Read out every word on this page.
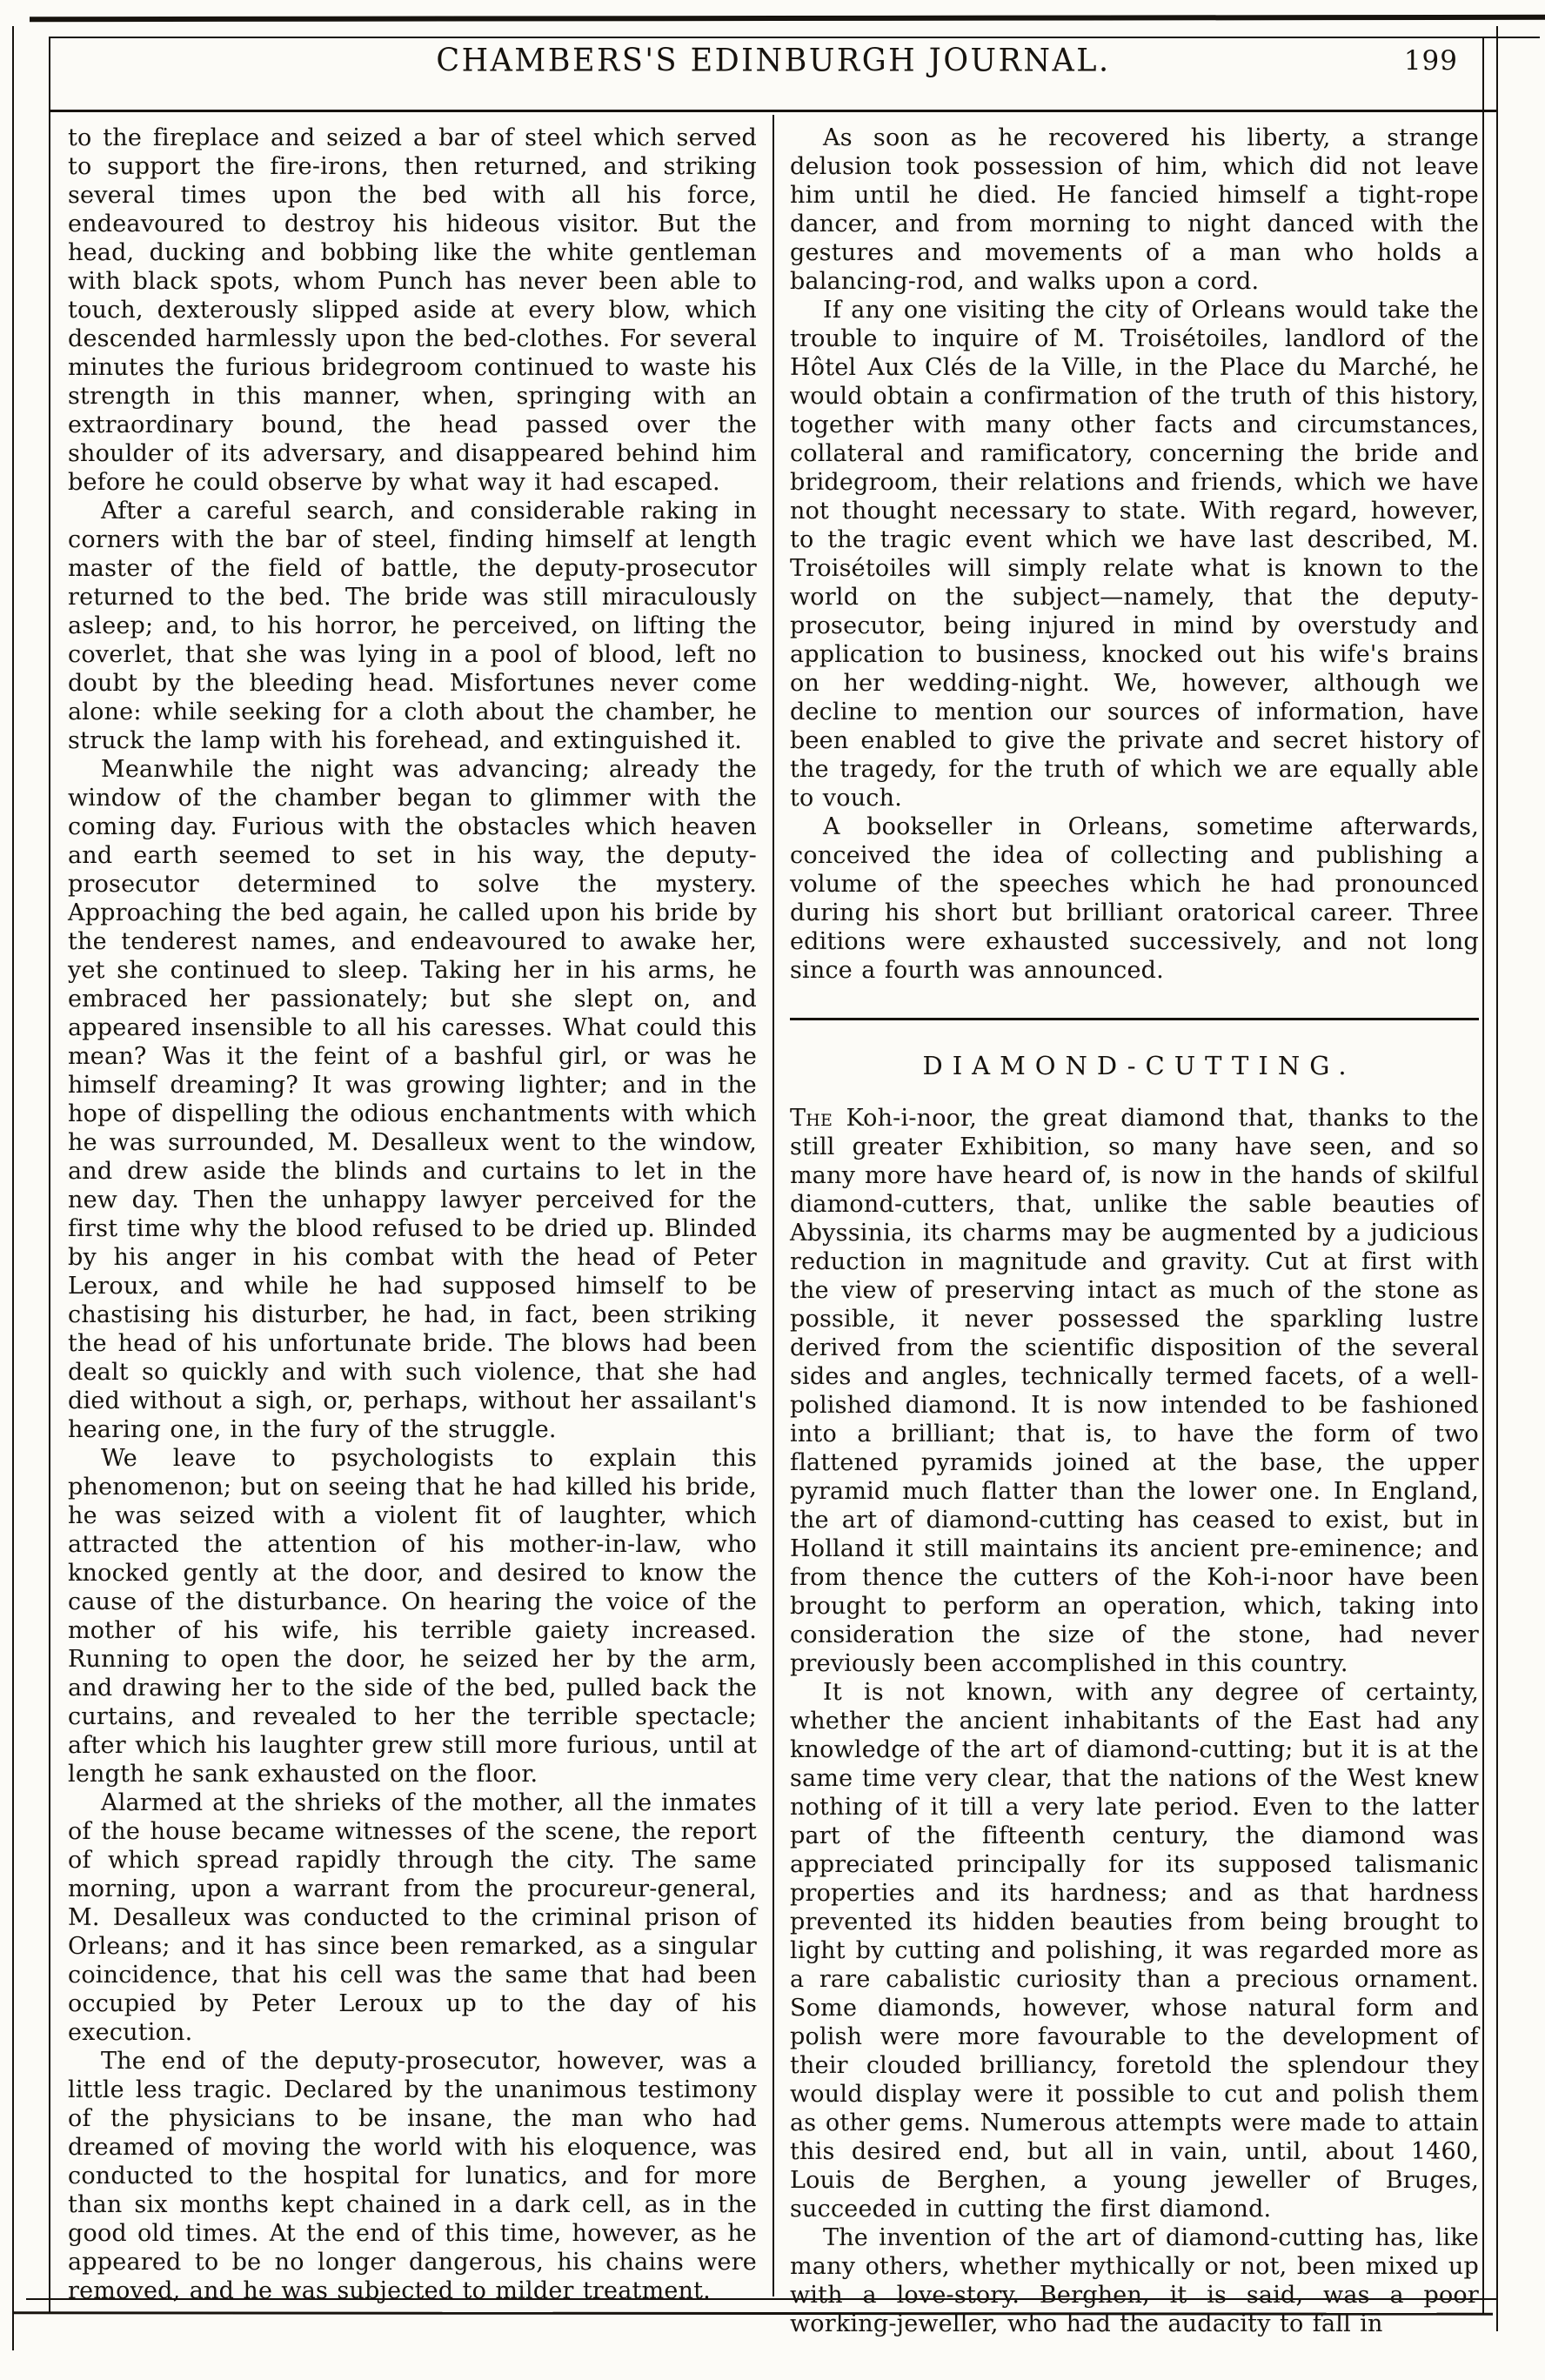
CHAMBERS'S EDINBURGH JOURNAL.	199

to the fireplace and seized a bar of steel which served to support the fire-irons, then returned, and striking several times upon the bed with all his force, endeavoured to destroy his hideous visitor. But the head, ducking and bobbing like the white gentleman with black spots, whom Punch has never been able to touch, dexterously slipped aside at every blow, which descended harmlessly upon the bed-clothes. For several minutes the furious bridegroom continued to waste his strength in this manner, when, springing with an extraordinary bound, the head passed over the shoulder of its adversary, and disappeared behind him before he could observe by what way it had escaped.

After a careful search, and considerable raking in corners with the bar of steel, finding himself at length master of the field of battle, the deputy-prosecutor returned to the bed. The bride was still miraculously asleep; and, to his horror, he perceived, on lifting the coverlet, that she was lying in a pool of blood, left no doubt by the bleeding head. Misfortunes never come alone: while seeking for a cloth about the chamber, he struck the lamp with his forehead, and extinguished it.

Meanwhile the night was advancing; already the window of the chamber began to glimmer with the coming day. Furious with the obstacles which heaven and earth seemed to set in his way, the deputy-prosecutor determined to solve the mystery. Approaching the bed again, he called upon his bride by the tenderest names, and endeavoured to awake her, yet she continued to sleep. Taking her in his arms, he embraced her passionately; but she slept on, and appeared insensible to all his caresses. What could this mean? Was it the feint of a bashful girl, or was he himself dreaming? It was growing lighter; and in the hope of dispelling the odious enchantments with which he was surrounded, M. Desalleux went to the window, and drew aside the blinds and curtains to let in the new day. Then the unhappy lawyer perceived for the first time why the blood refused to be dried up. Blinded by his anger in his combat with the head of Peter Leroux, and while he had supposed himself to be chastising his disturber, he had, in fact, been striking the head of his unfortunate bride. The blows had been dealt so quickly and with such violence, that she had died without a sigh, or, perhaps, without her assailant's hearing one, in the fury of the struggle.

We leave to psychologists to explain this phenomenon; but on seeing that he had killed his bride, he was seized with a violent fit of laughter, which attracted the attention of his mother-in-law, who knocked gently at the door, and desired to know the cause of the disturbance. On hearing the voice of the mother of his wife, his terrible gaiety increased. Running to open the door, he seized her by the arm, and drawing her to the side of the bed, pulled back the curtains, and revealed to her the terrible spectacle; after which his laughter grew still more furious, until at length he sank exhausted on the floor.

Alarmed at the shrieks of the mother, all the inmates of the house became witnesses of the scene, the report of which spread rapidly through the city. The same morning, upon a warrant from the procureur-general, M. Desalleux was conducted to the criminal prison of Orleans; and it has since been remarked, as a singular coincidence, that his cell was the same that had been occupied by Peter Leroux up to the day of his execution.

The end of the deputy-prosecutor, however, was a little less tragic. Declared by the unanimous testimony of the physicians to be insane, the man who had dreamed of moving the world with his eloquence, was conducted to the hospital for lunatics, and for more than six months kept chained in a dark cell, as in the good old times. At the end of this time, however, as he appeared to be no longer dangerous, his chains were removed, and he was subjected to milder treatment.

As soon as he recovered his liberty, a strange delusion took possession of him, which did not leave him until he died. He fancied himself a tight-rope dancer, and from morning to night danced with the gestures and movements of a man who holds a balancing-rod, and walks upon a cord.

If any one visiting the city of Orleans would take the trouble to inquire of M. Troisétoiles, landlord of the Hôtel Aux Clés de la Ville, in the Place du Marché, he would obtain a confirmation of the truth of this history, together with many other facts and circumstances, collateral and ramificatory, concerning the bride and bridegroom, their relations and friends, which we have not thought necessary to state. With regard, however, to the tragic event which we have last described, M. Troisétoiles will simply relate what is known to the world on the subject—namely, that the deputy-prosecutor, being injured in mind by overstudy and application to business, knocked out his wife's brains on her wedding-night. We, however, although we decline to mention our sources of information, have been enabled to give the private and secret history of the tragedy, for the truth of which we are equally able to vouch.

A bookseller in Orleans, sometime afterwards, conceived the idea of collecting and publishing a volume of the speeches which he had pronounced during his short but brilliant oratorical career. Three editions were exhausted successively, and not long since a fourth was announced.

DIAMOND-CUTTING.

The Koh-i-noor, the great diamond that, thanks to the still greater Exhibition, so many have seen, and so many more have heard of, is now in the hands of skilful diamond-cutters, that, unlike the sable beauties of Abyssinia, its charms may be augmented by a judicious reduction in magnitude and gravity. Cut at first with the view of preserving intact as much of the stone as possible, it never possessed the sparkling lustre derived from the scientific disposition of the several sides and angles, technically termed facets, of a well-polished diamond. It is now intended to be fashioned into a brilliant; that is, to have the form of two flattened pyramids joined at the base, the upper pyramid much flatter than the lower one. In England, the art of diamond-cutting has ceased to exist, but in Holland it still maintains its ancient pre-eminence; and from thence the cutters of the Koh-i-noor have been brought to perform an operation, which, taking into consideration the size of the stone, had never previously been accomplished in this country.

It is not known, with any degree of certainty, whether the ancient inhabitants of the East had any knowledge of the art of diamond-cutting; but it is at the same time very clear, that the nations of the West knew nothing of it till a very late period. Even to the latter part of the fifteenth century, the diamond was appreciated principally for its supposed talismanic properties and its hardness; and as that hardness prevented its hidden beauties from being brought to light by cutting and polishing, it was regarded more as a rare cabalistic curiosity than a precious ornament. Some diamonds, however, whose natural form and polish were more favourable to the development of their clouded brilliancy, foretold the splendour they would display were it possible to cut and polish them as other gems. Numerous attempts were made to attain this desired end, but all in vain, until, about 1460, Louis de Berghen, a young jeweller of Bruges, succeeded in cutting the first diamond.

The invention of the art of diamond-cutting has, like many others, whether mythically or not, been mixed up with a love-story. Berghen, it is said, was a poor working-jeweller, who had the audacity to fall in
